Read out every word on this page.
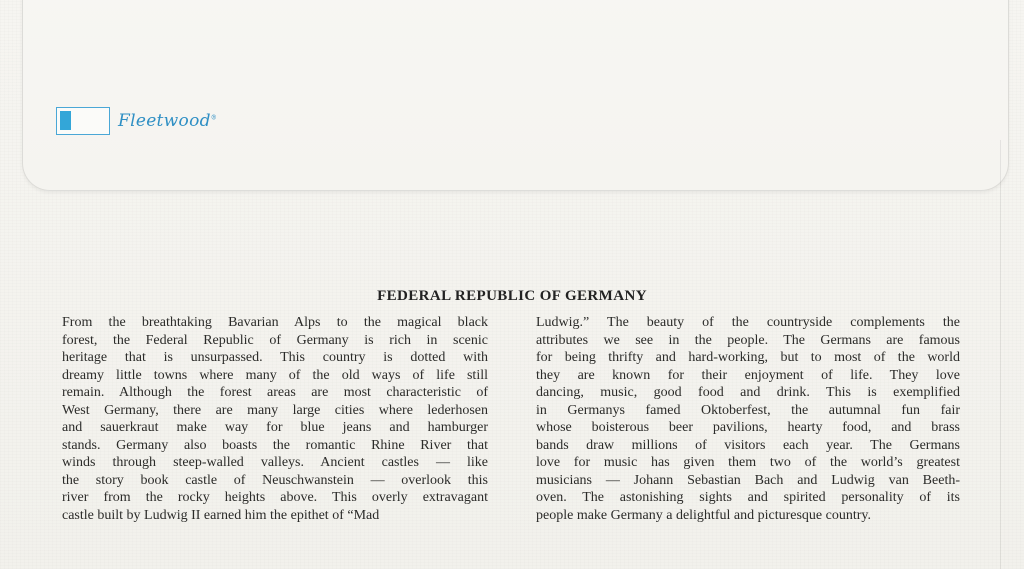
Fleetwood®
FEDERAL REPUBLIC OF GERMANY
From the breathtaking Bavarian Alps to the magical black
forest, the Federal Republic of Germany is rich in scenic
heritage that is unsurpassed. This country is dotted with
dreamy little towns where many of the old ways of life still
remain. Although the forest areas are most characteristic of
West Germany, there are many large cities where lederhosen
and sauerkraut make way for blue jeans and hamburger
stands. Germany also boasts the romantic Rhine River that
winds through steep-walled valleys. Ancient castles — like
the story book castle of Neuschwanstein — overlook this
river from the rocky heights above. This overly extravagant
castle built by Ludwig II earned him the epithet of “Mad
Ludwig.” The beauty of the countryside complements the
attributes we see in the people. The Germans are famous
for being thrifty and hard-working, but to most of the world
they are known for their enjoyment of life. They love
dancing, music, good food and drink. This is exemplified
in Germanys famed Oktoberfest, the autumnal fun fair
whose boisterous beer pavilions, hearty food, and brass
bands draw millions of visitors each year. The Germans
love for music has given them two of the world’s greatest
musicians — Johann Sebastian Bach and Ludwig van Beeth-
oven. The astonishing sights and spirited personality of its
people make Germany a delightful and picturesque country.
